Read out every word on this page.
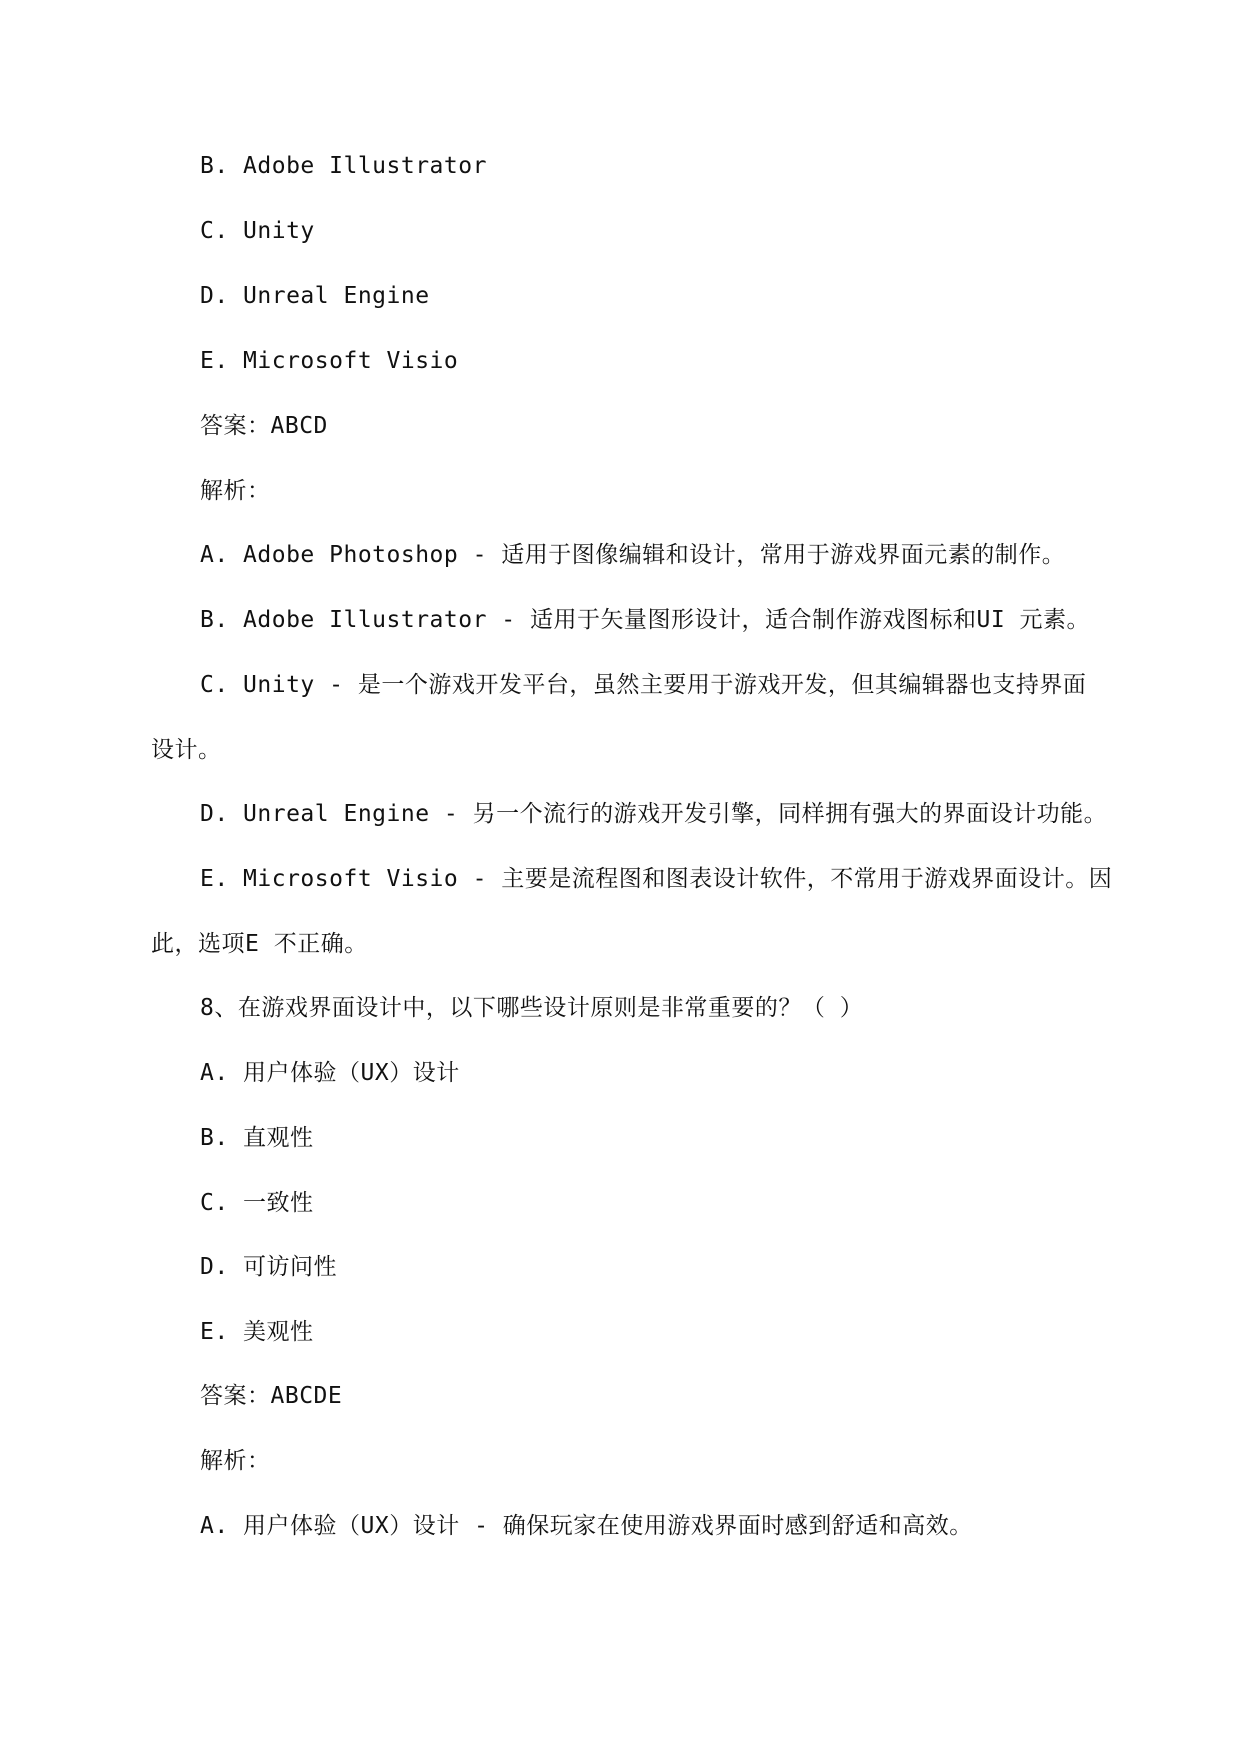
B. Adobe Illustrator
C. Unity
D. Unreal Engine
E. Microsoft Visio
答案：ABCD
解析：
A. Adobe Photoshop - 适用于图像编辑和设计，常用于游戏界面元素的制作。
B. Adobe Illustrator - 适用于矢量图形设计，适合制作游戏图标和UI 元素。
C. Unity - 是一个游戏开发平台，虽然主要用于游戏开发，但其编辑器也支持界面
设计。
D. Unreal Engine - 另一个流行的游戏开发引擎，同样拥有强大的界面设计功能。
E. Microsoft Visio - 主要是流程图和图表设计软件，不常用于游戏界面设计。因
此，选项E 不正确。
8、在游戏界面设计中，以下哪些设计原则是非常重要的？（ ）
A. 用户体验（UX）设计
B. 直观性
C. 一致性
D. 可访问性
E. 美观性
答案：ABCDE
解析：
A. 用户体验（UX）设计 - 确保玩家在使用游戏界面时感到舒适和高效。
